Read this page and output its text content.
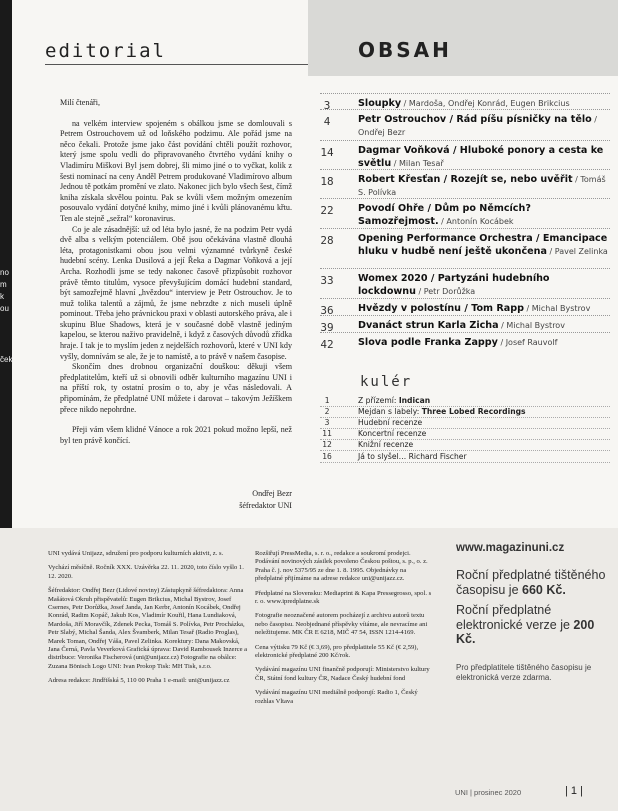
no
m
k
ou
ček
editorial	OBSAH

Milí čtenáři,

na velkém interview spojeném s obálkou jsme se domlouvali s Petrem Ostrouchovem už od loňského podzimu. Ale pořád jsme na něco čekali. Protože jsme jako část povídání chtěli použít rozhovor, který jsme spolu vedli do připravovaného čtvrtého vydání knihy o Vladimíru Miškovi Byl jsem dobrej, šli mimo jiné o to vyčkat, kolik z šesti nominací na ceny Anděl Petrem produkované Vladimírovo album Jednou tě potkám promění ve zlato. Nakonec jich bylo všech šest, čímž kniha získala skvělou pointu. Pak se kvůli všem možným omezením posouvalo vydání dotyčné knihy, mimo jiné i kvůli plánovanému křtu. Ten ale stejně „sežral“ koronavirus.

Co je ale zásadnější: už od léta bylo jasné, že na podzim Petr vydá dvě alba s velkým potenciálem. Obě jsou očekávána vlastně dlouhá léta, protagonistkami obou jsou velmi významné tvůrkyně české hudební scény. Lenka Dusilová a její Řeka a Dagmar Voňková a její Archa. Rozhodli jsme se tedy nakonec časově přizpůsobit rozhovor právě těmto titulům, vysoce převyšujícím domácí hudební standard, být samozřejmě hlavní „hvězdou“ interview je Petr Ostrouchov. Je to muž tolika talentů a zájmů, že jsme nebrzdte z nich museli úplně pominout. Třeba jeho právnickou praxi v oblasti autorského práva, ale i skupinu Blue Shadows, která je v současné době vlastně jediným kapelou, se kterou naživo pravidelně, i když z časových důvodů zřídka hraje. I tak je to myslím jeden z nejdelších rozhovorů, které v UNI kdy vyšly, domnívám se ale, že je to namístě, a to právě v našem časopise.

Skončím dnes drobnou organizační douškou: děkuji všem předplatitelům, kteří už si obnovili odběr kulturního magazínu UNI i na příští rok, ty ostatní prosím o to, aby je včas následovali. A připomínám, že předplatné UNI můžete i darovat – takovým Ježíškem přece nikdo nepohrdne.

Přeji vám všem klidné Vánoce a rok 2021 pokud možno lepší, než byl ten právě končící.

Ondřej Bezr
šéfredaktor UNI
3	Sloupky / Mardoša, Ondřej Konrád, Eugen Brikcius
4	Petr Ostrouchov / Rád píšu písničky na tělo / Ondřej Bezr
14	Dagmar Voňková / Hluboké ponory a cesta ke světlu / Milan Tesař
18	Robert Křesťan / Rozejít se, nebo uvěřit / Tomáš S. Polívka
22	Povodí Ohře / Dům po Němcích? Samozřejmost. / Antonín Kocábek
28	Opening Performance Orchestra / Emancipace hluku v hudbě není ještě ukončena / Pavel Zelinka
33	Womex 2020 / Partyzáni hudebního lockdownu / Petr Dorůžka
36	Hvězdy v polostínu / Tom Rapp / Michal Bystrov
39	Dvanáct strun Karla Zicha / Michal Bystrov
42	Slova podle Franka Zappy / Josef Rauvolf
kulér
1	Z přízemí: Indican
2	Mejdan s labely: Three Lobed Recordings
3	Hudební recenze
11	Koncertní recenze
12	Knižní recenze
16	Já to slyšel… Richard Fischer

UNI vydává Unijazz, sdružení pro podporu kulturních aktivit, z. s.

Vychází měsíčně. Ročník XXX. Uzávěrka 22. 11. 2020, toto číslo vyšlo 1. 12. 2020.

Šéfredaktor: Ondřej Bezr (Lidové noviny) Zástupkyně šéfredaktora: Anna Mašátová Okruh přispěvatelů: Eugen Brikcius, Michal Bystrov, Josef Csernes, Petr Dorůžka, Josef Janda, Jan Kerbr, Antonín Kocábek, Ondřej Konrád, Radim Kopáč, Jakub Kos, Vladimír Kouřil, Hana Lundiaková, Mardoša, Jiří Moravčík, Zdenek Pecka, Tomáš S. Polívka, Petr Procházka, Petr Slabý, Michal Šanda, Alex Švamberk, Milan Tesař (Radio Proglas), Marek Toman, Ondřej Váša, Pavel Zelinka. Korektury: Dana Makovská, Jana Černá, Pavla Veverková Grafická úprava: David Rambousek Inzerce a distribuce: Veronika Fischerová (uni@unijazz.cz) Fotografie na obálce: Zuzana Bönisch Logo UNI: Ivan Prokop Tisk: MH Tisk, s.r.o.

Adresa redakce: Jindřišská 5, 110 00 Praha 1 e-mail: uni@unijazz.cz

Rozšiřují PressMedia, s. r. o., redakce a soukromí prodejci. Podávání novinových zásilek povoleno Českou poštou, s. p., o. z. Praha č. j. nov 5375/95 ze dne 1. 8. 1995. Objednávky na předplatné přijímáme na adrese redakce uni@unijazz.cz.

Předplatné na Slovensku: Mediaprint & Kapa Pressegrosso, spol. s r. o. www.ipredplatne.sk

Fotografie neoznačené autorem pocházejí z archivu autorů textu nebo časopisu. Neobjednané příspěvky vítáme, ale nevracíme ani neležitujeme. MK ČR E 6218, MIČ 47 54, ISSN 1214-4169.

Cena výtisku 79 Kč (€ 3,69), pro předplatitele 55 Kč (€ 2,59), elektronické předplatné 200 Kč/rok.

Vydávání magazínu UNI finančně podporují: Ministerstvo kultury ČR, Státní fond kultury ČR, Nadace Český hudební fond

Vydávání magazínu UNI mediálně podporují: Radio 1, Český rozhlas Vltava

www.magazinuni.cz
Roční předplatné tištěného časopisu je 660 Kč.
Roční předplatné elektronické verze je 200 Kč.
Pro předplatitele tištěného časopisu je elektronická verze zdarma.
UNI | prosinec 2020	| 1 |
